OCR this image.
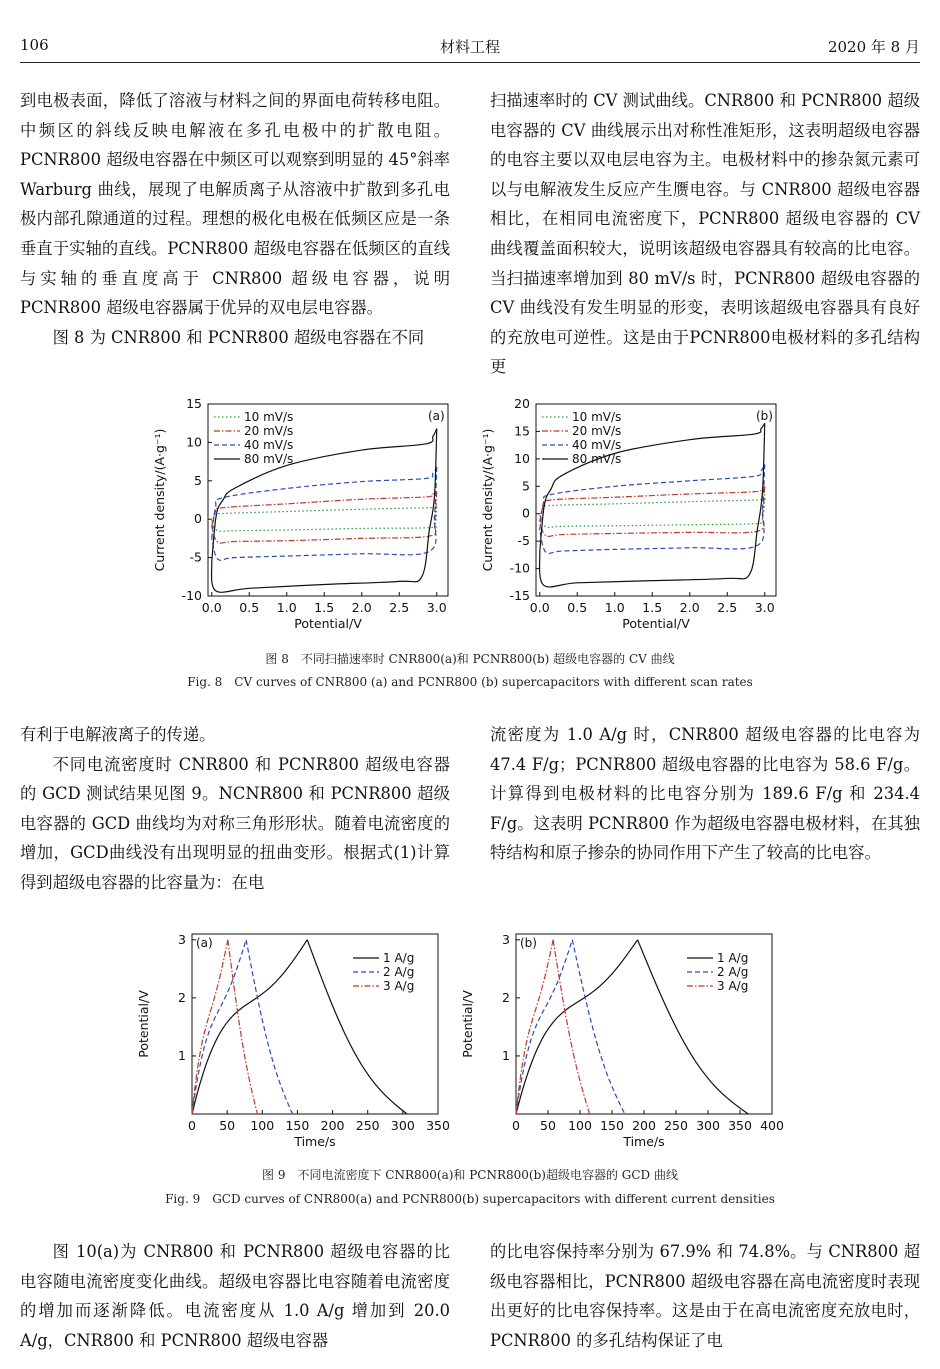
106	材料工程	2020 年 8 月

到电极表面，降低了溶液与材料之间的界面电荷转移电阻。中频区的斜线反映电解液在多孔电极中的扩散电阻。PCNR800 超级电容器在中频区可以观察到明显的 45°斜率 Warburg 曲线，展现了电解质离子从溶液中扩散到多孔电极内部孔隙通道的过程。理想的极化电极在低频区应是一条垂直于实轴的直线。PCNR800 超级电容器在低频区的直线与实轴的垂直度高于 CNR800 超级电容器，说明 PCNR800 超级电容器属于优异的双电层电容器。

图 8 为 CNR800 和 PCNR800 超级电容器在不同

扫描速率时的 CV 测试曲线。CNR800 和 PCNR800 超级电容器的 CV 曲线展示出对称性准矩形，这表明超级电容器的电容主要以双电层电容为主。电极材料中的掺杂氮元素可以与电解液发生反应产生赝电容。与 CNR800 超级电容器相比，在相同电流密度下，PCNR800 超级电容器的 CV 曲线覆盖面积较大，说明该超级电容器具有较高的比电容。当扫描速率增加到 80 mV/s 时，PCNR800 超级电容器的 CV 曲线没有发生明显的形变，表明该超级电容器具有良好的充放电可逆性。这是由于PCNR800电极材料的多孔结构更

0.0 0.5 1.0 1.5 2.0 2.5 3.0
-10
-5
0
5
10
15
Potential/V
Current density/(A·g⁻¹)
(a)
10 mV/s
20 mV/s
40 mV/s
80 mV/s
0.0 0.5 1.0 1.5 2.0 2.5 3.0
-15
-10
-5
0
5
10
15
20
Potential/V
Current density/(A·g⁻¹)
(b)
10 mV/s
20 mV/s
40 mV/s
80 mV/s
图 8　不同扫描速率时 CNR800(a)和 PCNR800(b) 超级电容器的 CV 曲线
Fig. 8　CV curves of CNR800 (a) and PCNR800 (b) supercapacitors with different scan rates

有利于电解液离子的传递。

不同电流密度时 CNR800 和 PCNR800 超级电容器的 GCD 测试结果见图 9。NCNR800 和 PCNR800 超级电容器的 GCD 曲线均为对称三角形形状。随着电流密度的增加，GCD曲线没有出现明显的扭曲变形。根据式(1)计算得到超级电容器的比容量为：在电

流密度为 1.0 A/g 时，CNR800 超级电容器的比电容为 47.4 F/g；PCNR800 超级电容器的比电容为 58.6 F/g。计算得到电极材料的比电容分别为 189.6 F/g 和 234.4 F/g。这表明 PCNR800 作为超级电容器电极材料，在其独特结构和原子掺杂的协同作用下产生了较高的比电容。

0 50 100 150 200 250 300 350
1
2
3
Time/s
Potential/V
(a)
1 A/g
2 A/g
3 A/g
0 50 100 150 200 250 300 350 400
1
2
3
Time/s
Potential/V
(b)
1 A/g
2 A/g
3 A/g
图 9　不同电流密度下 CNR800(a)和 PCNR800(b)超级电容器的 GCD 曲线
Fig. 9　GCD curves of CNR800(a) and PCNR800(b) supercapacitors with different current densities

图 10(a)为 CNR800 和 PCNR800 超级电容器的比电容随电流密度变化曲线。超级电容器比电容随着电流密度的增加而逐渐降低。电流密度从 1.0 A/g 增加到 20.0 A/g，CNR800 和 PCNR800 超级电容器

的比电容保持率分别为 67.9% 和 74.8%。与 CNR800 超级电容器相比，PCNR800 超级电容器在高电流密度时表现出更好的比电容保持率。这是由于在高电流密度充放电时，PCNR800 的多孔结构保证了电
